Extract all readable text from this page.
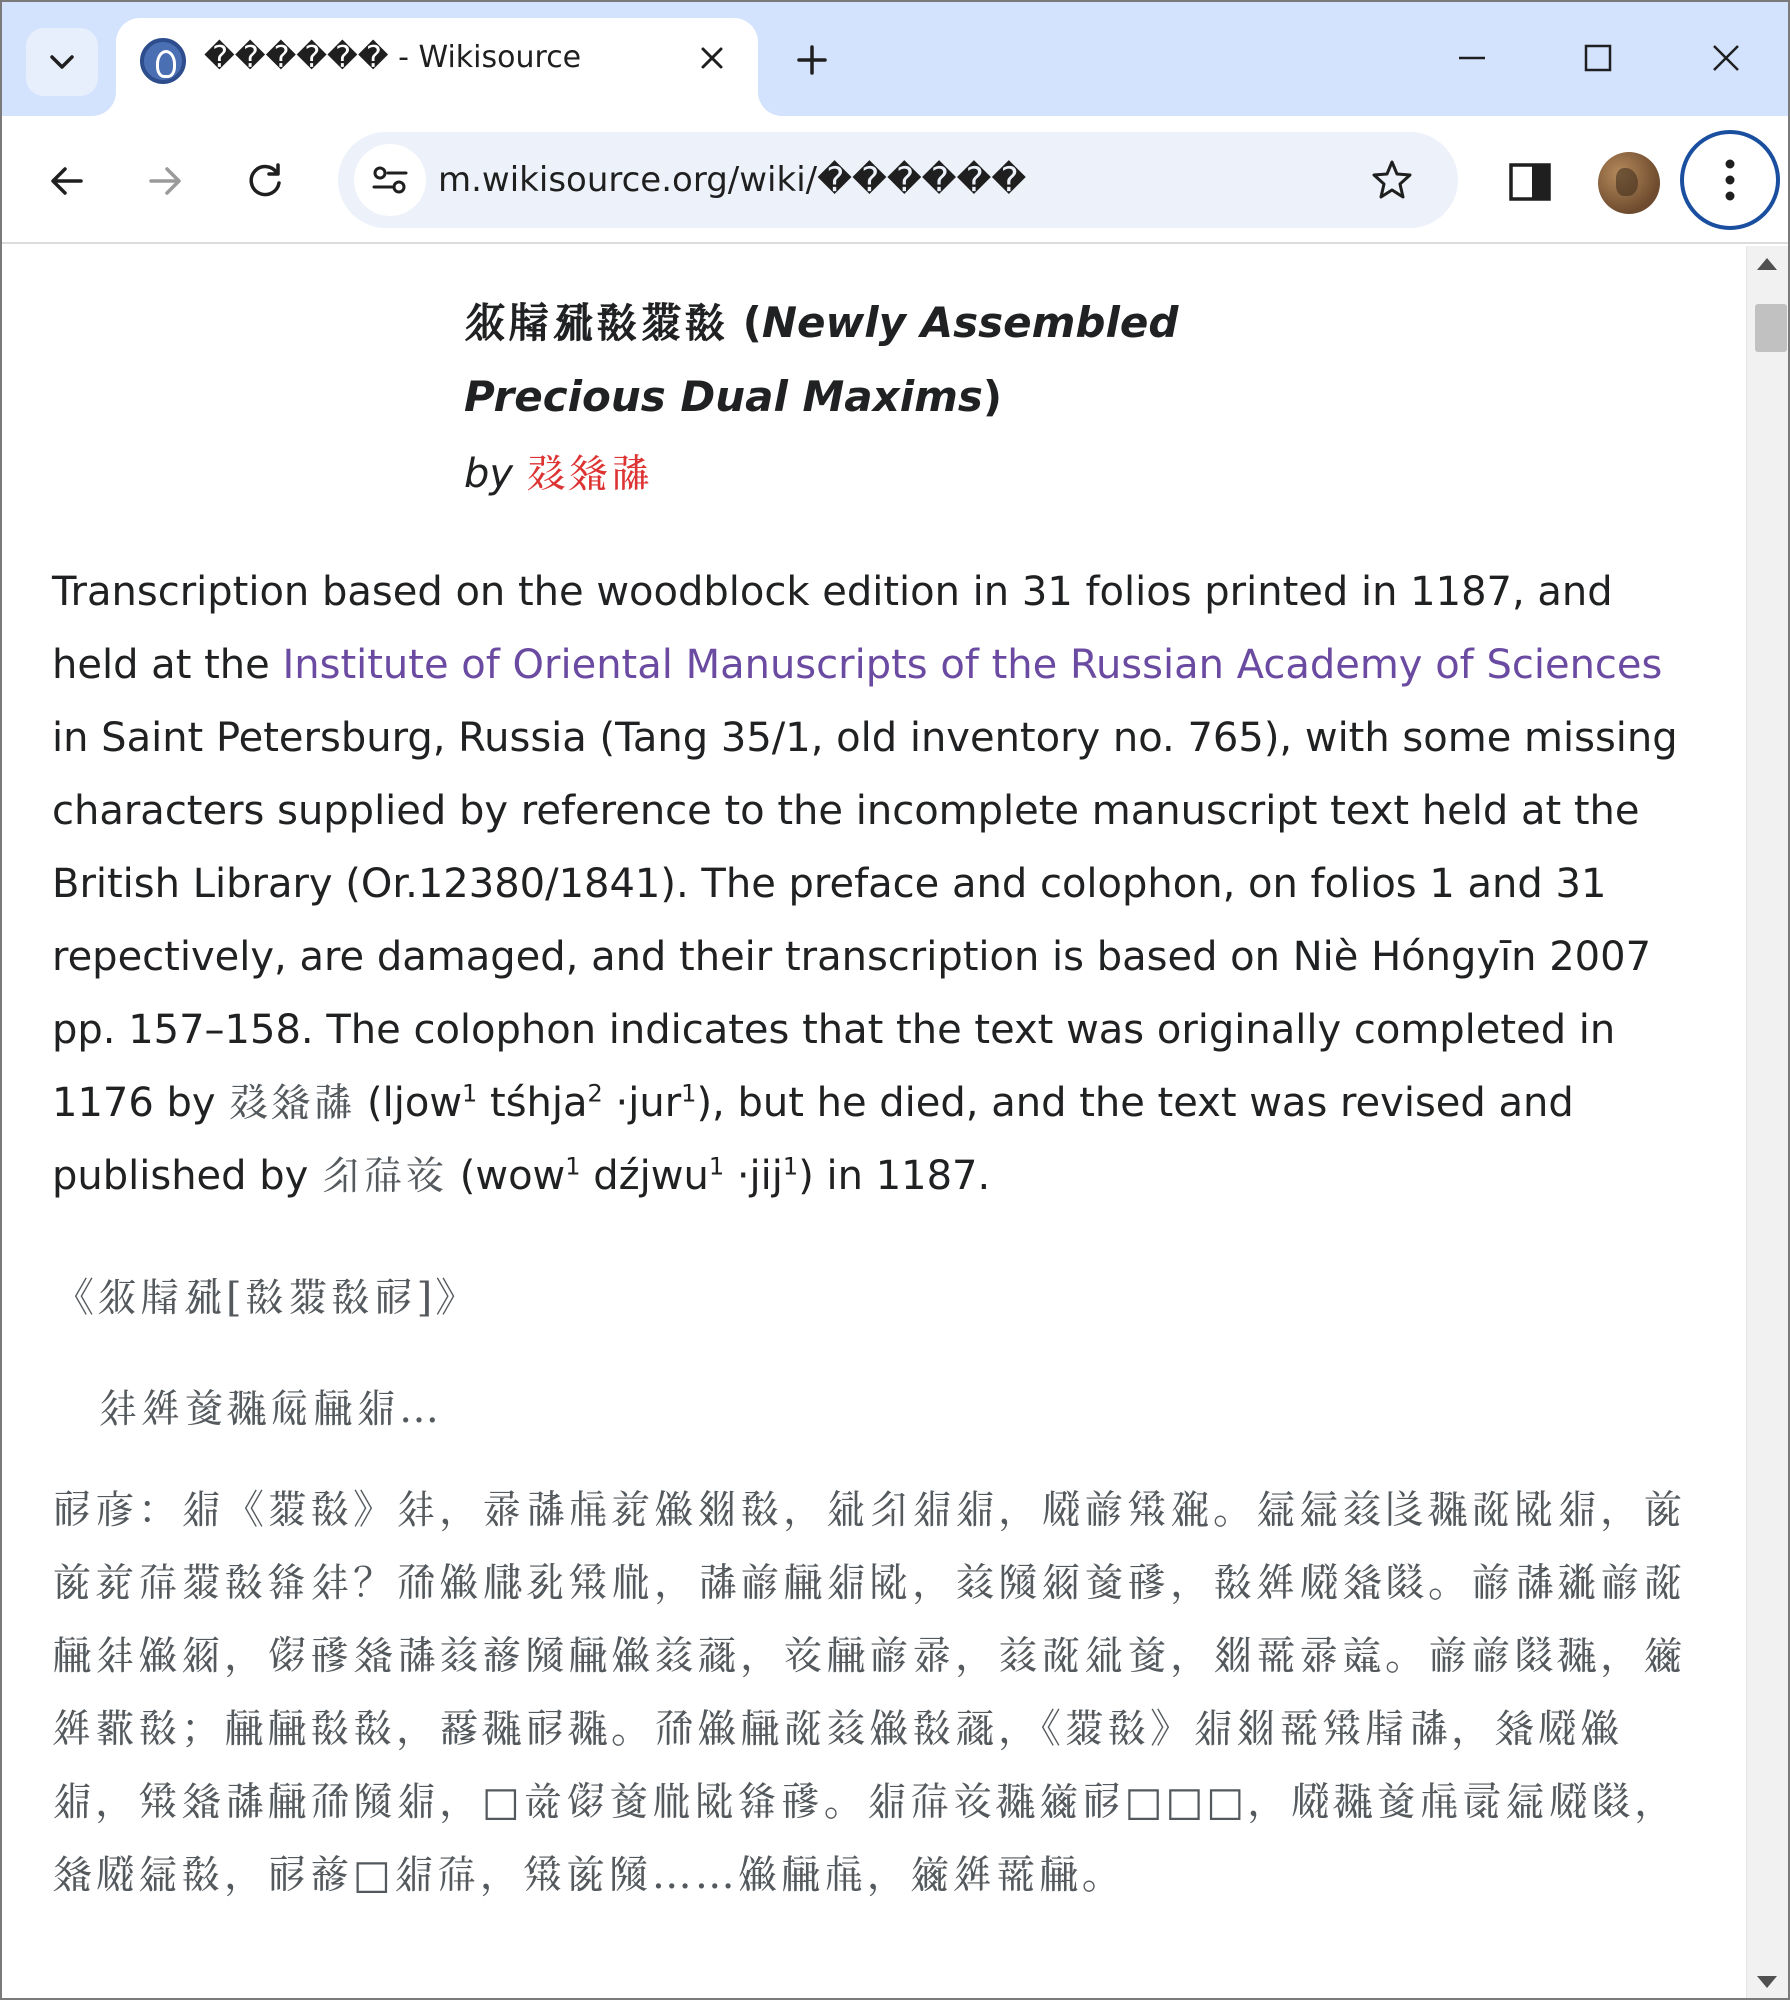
������ - Wikisource
m.wikisource.org/wiki/������
𗼇𗹡𗉣𘞵𗷅𘞵 (Newly Assembled
Precious Dual Maxims)
by 𘅇𗾽𗰜
Transcription based on the woodblock edition in 31 folios printed in 1187, and held at the Institute of Oriental Manuscripts of the Russian Academy of Sciences in Saint Petersburg, Russia (Tang 35/1, old inventory no. 765), with some missing characters supplied by reference to the incomplete manuscript text held at the British Library (Or.12380/1841). The preface and colophon, on folios 1 and 31 repectively, are damaged, and their transcription is based on Niè Hóngyīn 2007 pp. 157–158. The colophon indicates that the text was originally completed in 1176 by 𘅇𗾽𗰜 (ljow$^1$ tśhja$^2$ ·jur$^1$), but he died, and the text was revised and published by 𗼃𗗚𘝞 (wow$^1$ dźjwu$^1$ ·jij$^1$) in 1187.
《𗼇𗹡𗉣[𘞵𗷅𘞵𗟲]》
𗢳𗤶𗒹𗖵𗏁𗍳𗤋…
𗟲𗇋：𗤋《𗷅𘞵》𗢳，𗈁𗰜𗍫𗐱𗏹𗾞𘞵，𗣼𗼃𗤋𗤋，𗆧𗑗𗋽𗘂。𗦇𗦇𗑠𗁅𗖵𗰞𗎫𗤋，𗐯𗐯𗐱𗗚𗷅𘞵𗌭𗢳？𗗙𗏹𗆇𗎘𗋽𗄻，𗰜𗑗𗍳𗤋𗎫，𗑠𗂧𗥃𗒹𗟭，𘞵𗤶𗆧𗾽𗂸。𗑗𗰜𗡶𗑗𗰞𗍳𗢳𗏹𗥃，𗃮𗟭𗾽𗰜𗑠𗒘𗂧𗍳𗏹𗑠𗹙，𘝞𗍳𗑗𗈁，𗑠𗰞𗣼𗒹，𗾞𗵃𗈁𗒣。𗑗𗑗𗂸𗖵，𗫂𗤶𗷃𘞵；𗍳𗍳𘞵𘞵，𗵒𗖵𗟲𗖵。𗗙𗏹𗍳𗰞𗑠𗏹𘞵𗹙，《𗷅𘞵》𗤋𗾞𗵃𗋽𗹡𗰜，𗾽𗆧𗏹𗤋，𗋽𗾽𗰜𗍳𗗙𗂧𗤋，□𗯨𗃮𗒹𗄻𗎫𗌭𗟭。𗤋𗗚𘝞𗖵𗫂𗟲□□□，𗆧𗖵𗒹𗍫𗕑𗦇𗆧𗂸，𗾽𗆧𗦇𘞵，𗟲𗒘□𗤋𗗚，𗋽𗐯𗂧……𗏹𗍳𗍫，𗫂𗤶𗵃𗍳。
